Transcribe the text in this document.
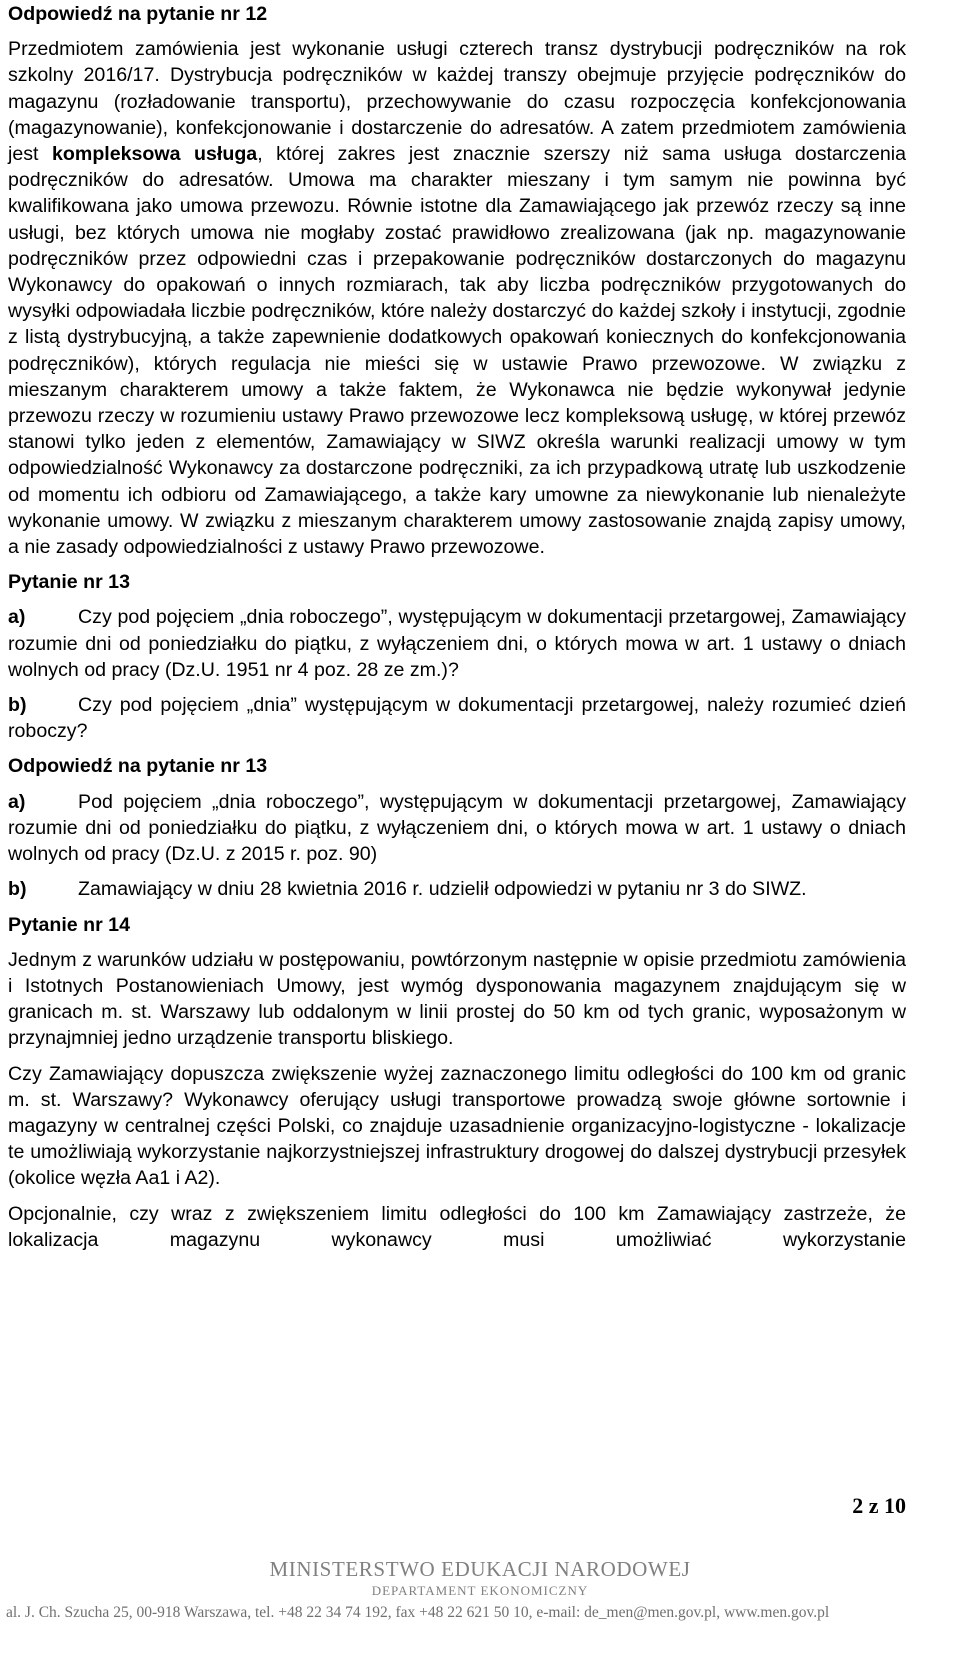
Odpowiedź na pytanie nr 12

Przedmiotem zamówienia jest wykonanie usługi czterech transz dystrybucji podręczników na rok szkolny 2016/17. Dystrybucja podręczników w każdej transzy obejmuje przyjęcie podręczników do magazynu (rozładowanie transportu), przechowywanie do czasu rozpoczęcia konfekcjonowania (magazynowanie), konfekcjonowanie i dostarczenie do adresatów. A zatem przedmiotem zamówienia jest kompleksowa usługa, której zakres jest znacznie szerszy niż sama usługa dostarczenia podręczników do adresatów. Umowa ma charakter mieszany i tym samym nie powinna być kwalifikowana jako umowa przewozu. Równie istotne dla Zamawiającego jak przewóz rzeczy są inne usługi, bez których umowa nie mogłaby zostać prawidłowo zrealizowana (jak np. magazynowanie podręczników przez odpowiedni czas i przepakowanie podręczników dostarczonych do magazynu Wykonawcy do opakowań o innych rozmiarach, tak aby liczba podręczników przygotowanych do wysyłki odpowiadała liczbie podręczników, które należy dostarczyć do każdej szkoły i instytucji, zgodnie z listą dystrybucyjną, a także zapewnienie dodatkowych opakowań koniecznych do konfekcjonowania podręczników), których regulacja nie mieści się w ustawie Prawo przewozowe. W związku z mieszanym charakterem umowy a także faktem, że Wykonawca nie będzie wykonywał jedynie przewozu rzeczy w rozumieniu ustawy Prawo przewozowe lecz kompleksową usługę, w której przewóz stanowi tylko jeden z elementów, Zamawiający w SIWZ określa warunki realizacji umowy w tym odpowiedzialność Wykonawcy za dostarczone podręczniki, za ich przypadkową utratę lub uszkodzenie od momentu ich odbioru od Zamawiającego, a także kary umowne za niewykonanie lub nienależyte wykonanie umowy. W związku z mieszanym charakterem umowy zastosowanie znajdą zapisy umowy, a nie zasady odpowiedzialności z ustawy Prawo przewozowe.

Pytanie nr 13

a)	Czy pod pojęciem „dnia roboczego”, występującym w dokumentacji przetargowej, Zamawiający rozumie dni od poniedziałku do piątku, z wyłączeniem dni, o których mowa w art. 1 ustawy o dniach wolnych od pracy (Dz.U. 1951 nr 4 poz. 28 ze zm.)?

b)	Czy pod pojęciem „dnia” występującym w dokumentacji przetargowej, należy rozumieć dzień roboczy?

Odpowiedź na pytanie nr 13

a)	Pod pojęciem „dnia roboczego”, występującym w dokumentacji przetargowej, Zamawiający rozumie dni od poniedziałku do piątku, z wyłączeniem dni, o których mowa w art. 1 ustawy o dniach wolnych od pracy (Dz.U. z 2015 r. poz. 90)

b)	Zamawiający w dniu 28 kwietnia 2016 r. udzielił odpowiedzi w pytaniu nr 3 do SIWZ.

Pytanie nr 14

Jednym z warunków udziału w postępowaniu, powtórzonym następnie w opisie przedmiotu zamówienia i Istotnych Postanowieniach Umowy, jest wymóg dysponowania magazynem znajdującym się w granicach m. st. Warszawy lub oddalonym w linii prostej do 50 km od tych granic, wyposażonym w przynajmniej jedno urządzenie transportu bliskiego.

Czy Zamawiający dopuszcza zwiększenie wyżej zaznaczonego limitu odległości do 100 km od granic m. st. Warszawy? Wykonawcy oferujący usługi transportowe prowadzą swoje główne sortownie i magazyny w centralnej części Polski, co znajduje uzasadnienie organizacyjno-logistyczne - lokalizacje te umożliwiają wykorzystanie najkorzystniejszej infrastruktury drogowej do dalszej dystrybucji przesyłek (okolice węzła Aa1 i A2).

Opcjonalnie, czy wraz z zwiększeniem limitu odległości do 100 km Zamawiający zastrzeże, że lokalizacja magazynu wykonawcy musi umożliwiać wykorzystanie

2 z 10
MINISTERSTWO EDUKACJI NARODOWEJ
DEPARTAMENT EKONOMICZNY
al. J. Ch. Szucha 25, 00-918 Warszawa, tel. +48 22 34 74 192, fax +48 22 621 50 10, e-mail: de_men@men.gov.pl, www.men.gov.pl
